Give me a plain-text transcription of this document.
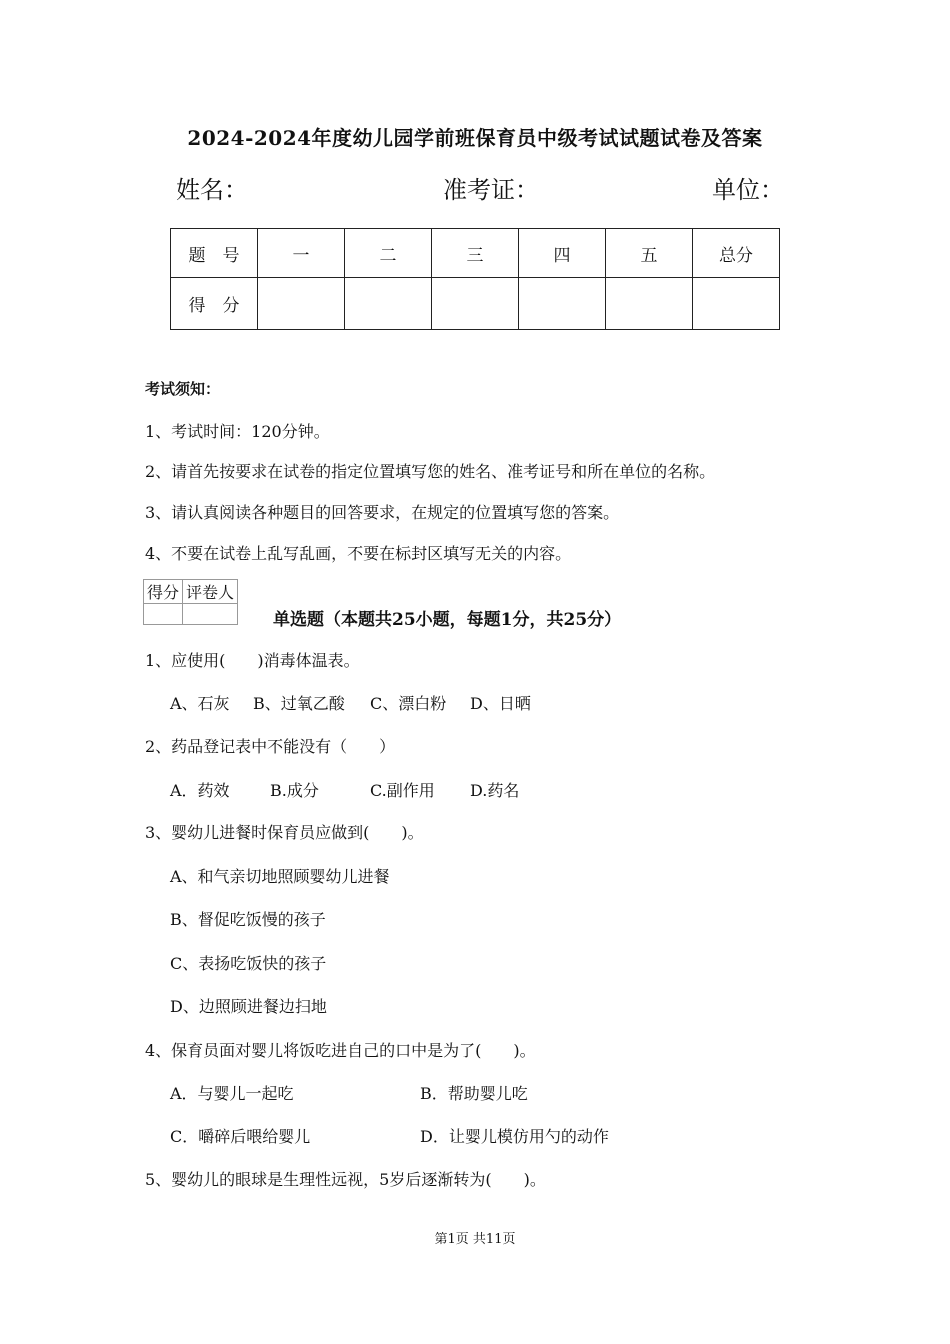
2024-2024年度幼儿园学前班保育员中级考试试题试卷及答案
姓名：	准考证：	单位：
题　号	一	二	三	四	五	总分
得　分						
考试须知：
1、考试时间：120分钟。
2、请首先按要求在试卷的指定位置填写您的姓名、准考证号和所在单位的名称。
3、请认真阅读各种题目的回答要求，在规定的位置填写您的答案。
4、不要在试卷上乱写乱画，不要在标封区填写无关的内容。
得分	评卷人

单选题（本题共25小题，每题1分，共25分）
1、应使用(　　)消毒体温表。
A、石灰 B、过氧乙酸 C、漂白粉 D、日晒
2、药品登记表中不能没有（　　）
A．药效	B.成分	C.副作用 D.药名
3、婴幼儿进餐时保育员应做到(　　)。
A、和气亲切地照顾婴幼儿进餐
B、督促吃饭慢的孩子
C、表扬吃饭快的孩子
D、边照顾进餐边扫地
4、保育员面对婴儿将饭吃进自己的口中是为了(　　)。
A．与婴儿一起吃	B．帮助婴儿吃
C．嚼碎后喂给婴儿	D．让婴儿模仿用勺的动作
5、婴幼儿的眼球是生理性远视，5岁后逐渐转为(　　)。
第1页 共11页
